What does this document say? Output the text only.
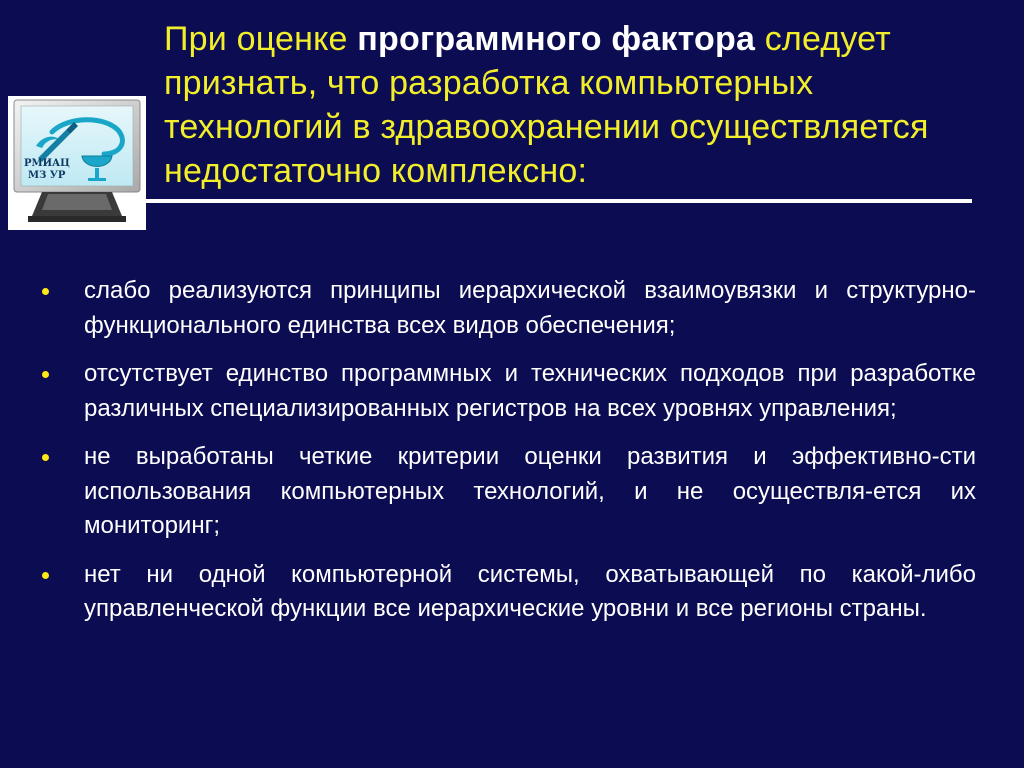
РМИАЦ
МЗ УР
При оценке программного фактора следует признать, что разработка компьютерных технологий в здравоохранении осуществляется недостаточно комплексно:
слабо реализуются принципы иерархической взаимоувязки и структурно-функционального единства всех видов обеспечения;
отсутствует единство программных и технических подходов при разработке различных специализированных регистров на всех уровнях управления;
не выработаны четкие критерии оценки развития и эффективно-сти использования компьютерных технологий, и не осуществля-ется их мониторинг;
нет ни одной компьютерной системы, охватывающей по какой-либо управленческой функции все иерархические уровни и все регионы страны.
